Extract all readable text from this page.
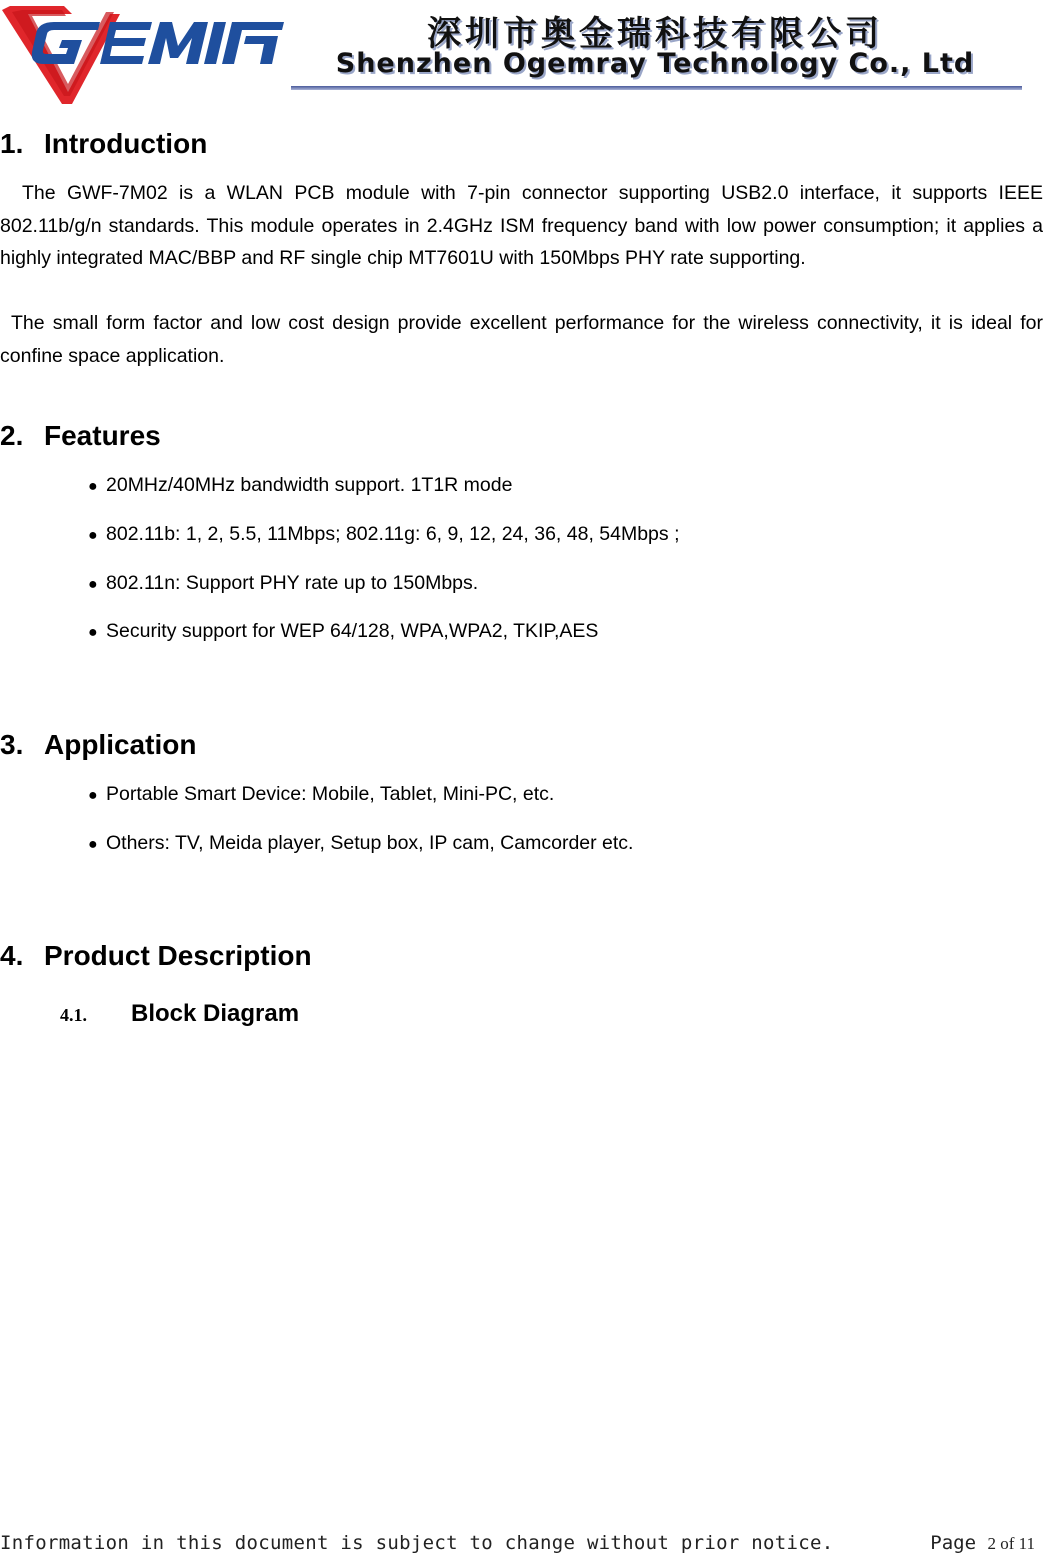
深圳市奥金瑞科技有限公司
Shenzhen Ogemray Technology Co., Ltd
1. Introduction

The GWF-7M02 is a WLAN PCB module with 7-pin connector supporting USB2.0 interface, it supports IEEE 802.11b/g/n standards. This module operates in 2.4GHz ISM frequency band with low power consumption; it applies a highly integrated MAC/BBP and RF single chip MT7601U with 150Mbps PHY rate supporting.

The small form factor and low cost design provide excellent performance for the wireless connectivity, it is ideal for confine space application.

2. Features
● 20MHz/40MHz bandwidth support. 1T1R mode
● 802.11b: 1, 2, 5.5, 11Mbps; 802.11g: 6, 9, 12, 24, 36, 48, 54Mbps ;
● 802.11n: Support PHY rate up to 150Mbps.
● Security support for WEP 64/128, WPA,WPA2, TKIP,AES
3. Application
● Portable Smart Device: Mobile, Tablet, Mini-PC, etc.
● Others: TV, Meida player, Setup box, IP cam, Camcorder etc.
4. Product Description
4.1. Block Diagram
Information in this document is subject to change without prior notice.	Page 2 of 11
